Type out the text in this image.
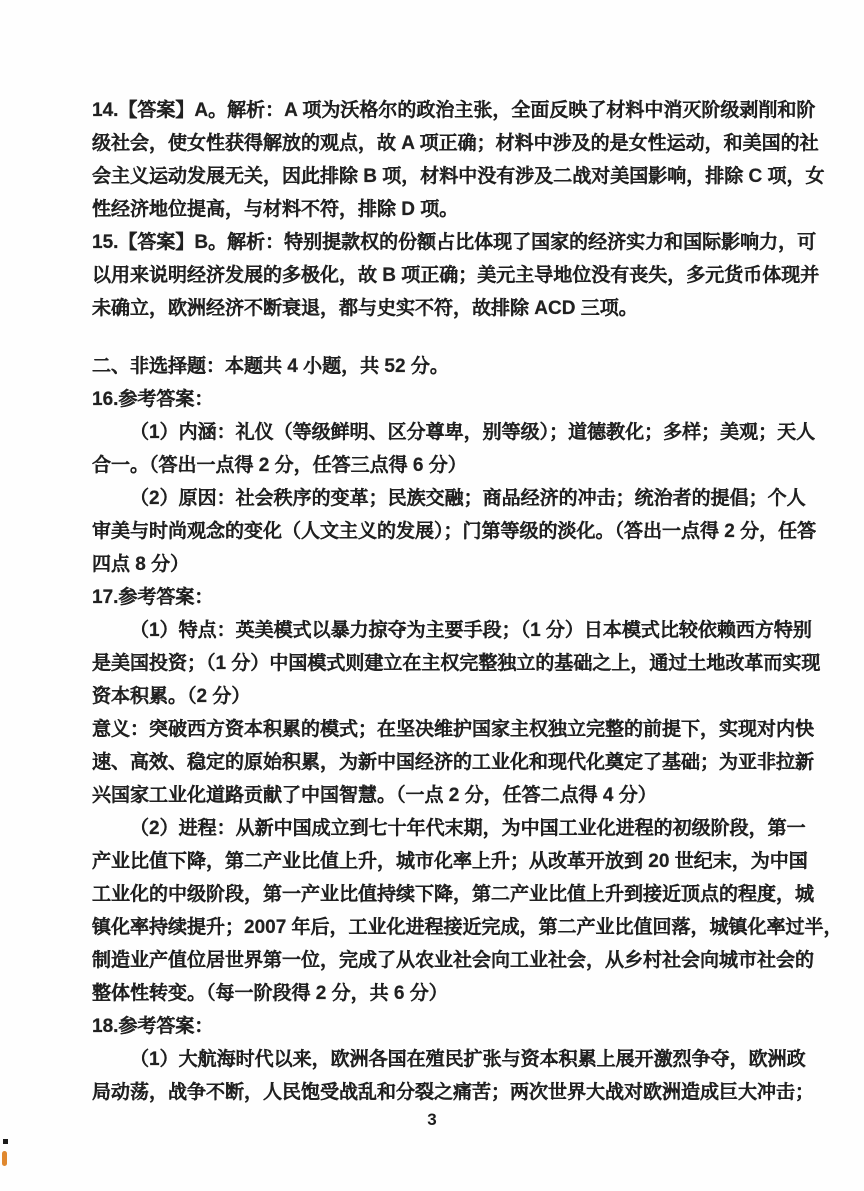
14.【答案】A。解析：A 项为沃格尔的政治主张，全面反映了材料中消灭阶级剥削和阶
级社会，使女性获得解放的观点，故 A 项正确；材料中涉及的是女性运动，和美国的社
会主义运动发展无关，因此排除 B 项，材料中没有涉及二战对美国影响，排除 C 项，女
性经济地位提高，与材料不符，排除 D 项。
15.【答案】B。解析：特别提款权的份额占比体现了国家的经济实力和国际影响力，可
以用来说明经济发展的多极化，故 B 项正确；美元主导地位没有丧失，多元货币体现并
未确立，欧洲经济不断衰退，都与史实不符，故排除 ACD 三项。
二、非选择题：本题共 4 小题，共 52 分。
16.参考答案：
（1）内涵：礼仪（等级鲜明、区分尊卑，别等级）；道德教化；多样；美观；天人
合一。（答出一点得 2 分，任答三点得 6 分）
（2）原因：社会秩序的变革；民族交融；商品经济的冲击；统治者的提倡；个人
审美与时尚观念的变化（人文主义的发展）；门第等级的淡化。（答出一点得 2 分，任答
四点 8 分）
17.参考答案：
（1）特点：英美模式以暴力掠夺为主要手段；（1 分）日本模式比较依赖西方特别
是美国投资；（1 分）中国模式则建立在主权完整独立的基础之上，通过土地改革而实现
资本积累。（2 分）
意义：突破西方资本积累的模式；在坚决维护国家主权独立完整的前提下，实现对内快
速、高效、稳定的原始积累，为新中国经济的工业化和现代化奠定了基础；为亚非拉新
兴国家工业化道路贡献了中国智慧。（一点 2 分，任答二点得 4 分）
（2）进程：从新中国成立到七十年代末期，为中国工业化进程的初级阶段，第一
产业比值下降，第二产业比值上升，城市化率上升；从改革开放到 20 世纪末，为中国
工业化的中级阶段，第一产业比值持续下降，第二产业比值上升到接近顶点的程度，城
镇化率持续提升；2007 年后，工业化进程接近完成，第二产业比值回落，城镇化率过半，
制造业产值位居世界第一位，完成了从农业社会向工业社会，从乡村社会向城市社会的
整体性转变。（每一阶段得 2 分，共 6 分）
18.参考答案：
（1）大航海时代以来，欧洲各国在殖民扩张与资本积累上展开激烈争夺，欧洲政
局动荡，战争不断，人民饱受战乱和分裂之痛苦；两次世界大战对欧洲造成巨大冲击；
3
